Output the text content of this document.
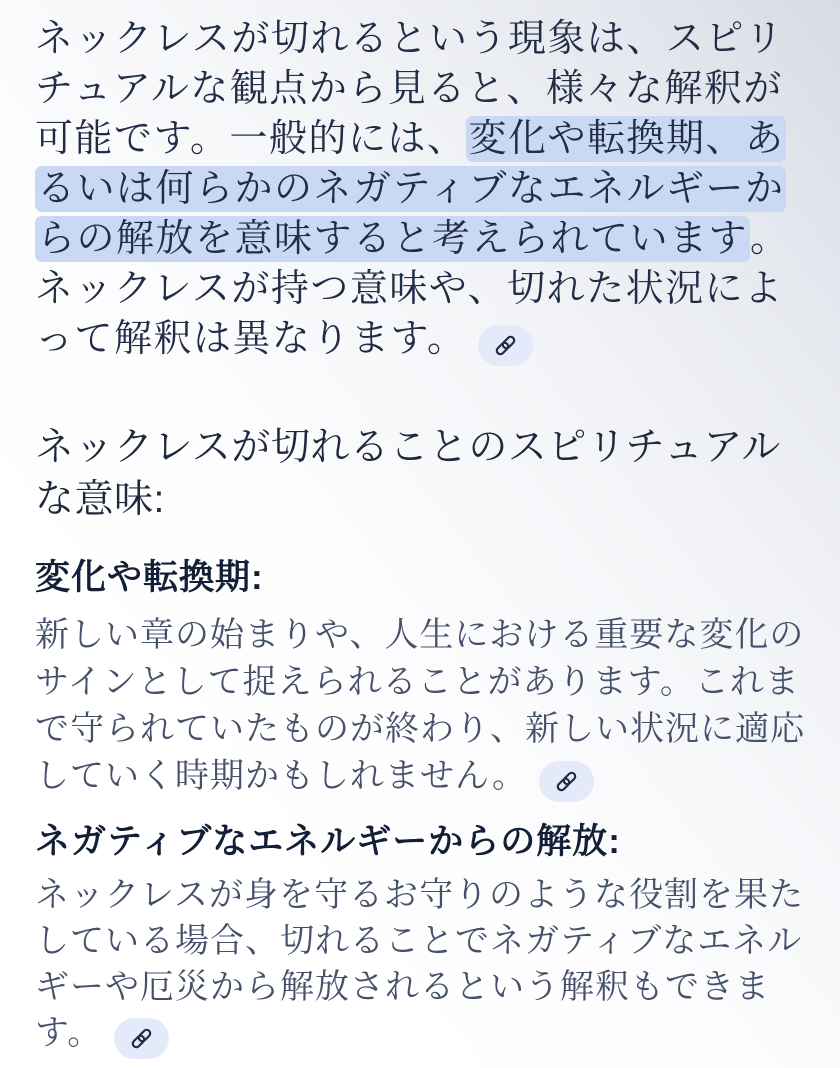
ネックレスが切れるという現象は、スピリチュアルな観点から見ると、様々な解釈が可能です。一般的には、変化や転換期、あるいは何らかのネガティブなエネルギーからの解放を意味すると考えられています。ネックレスが持つ意味や、切れた状況によって解釈は異なります。

ネックレスが切れることのスピリチュアルな意味:
変化や転換期:

新しい章の始まりや、人生における重要な変化のサインとして捉えられることがあります。これまで守られていたものが終わり、新しい状況に適応していく時期かもしれません。

ネガティブなエネルギーからの解放:

ネックレスが身を守るお守りのような役割を果たしている場合、切れることでネガティブなエネルギーや厄災から解放されるという解釈もできます。
